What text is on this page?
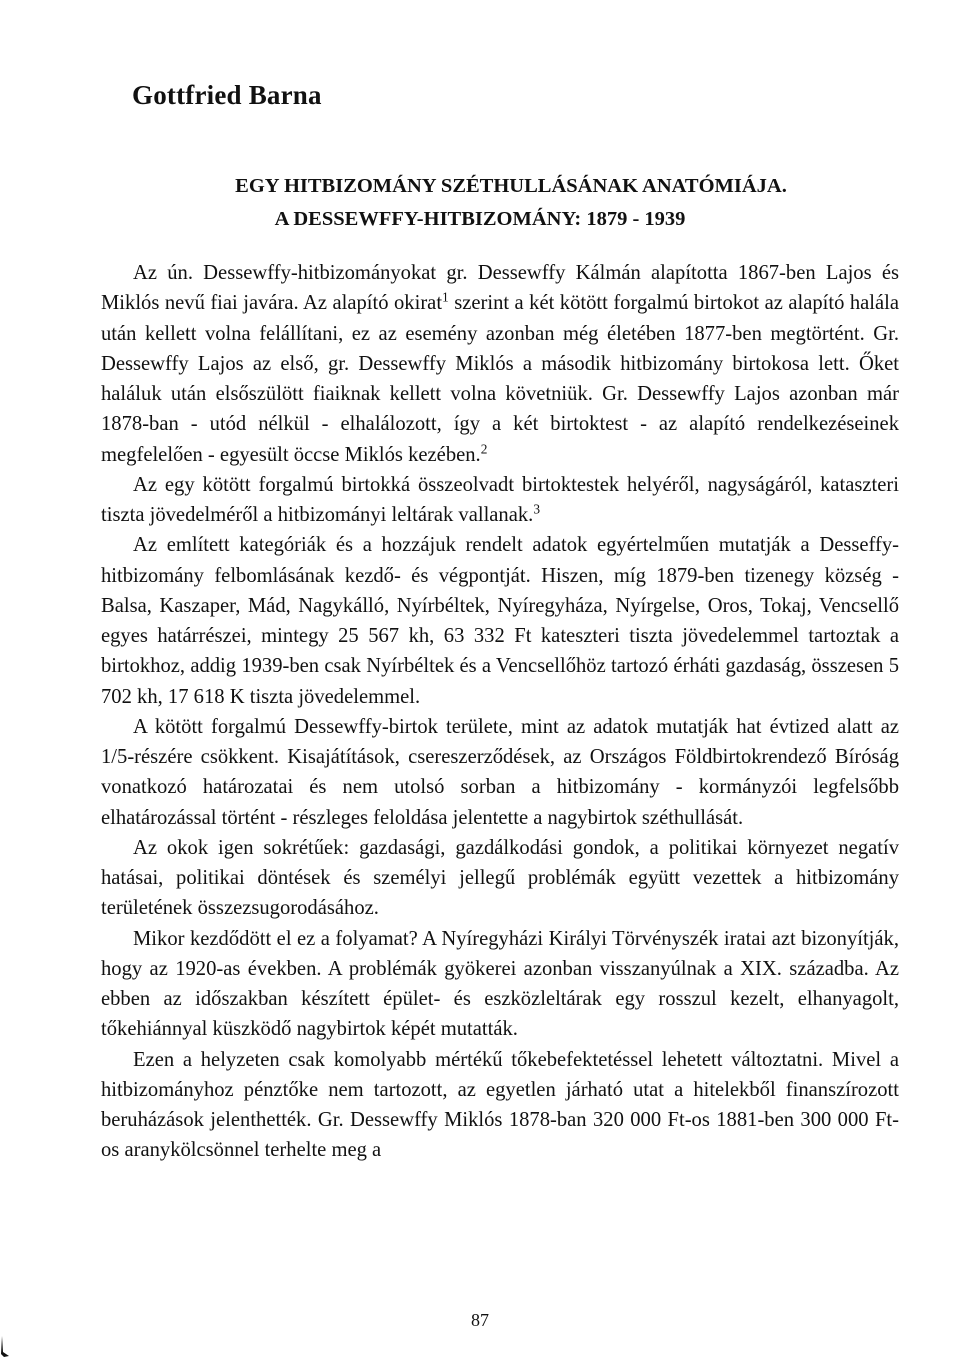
Gottfried Barna
EGY HITBIZOMÁNY SZÉTHULLÁSÁNAK ANATÓMIÁJA.
A DESSEWFFY-HITBIZOMÁNY: 1879 - 1939

Az ún. Dessewffy-hitbizományokat gr. Dessewffy Kálmán alapította 1867-ben Lajos és Miklós nevű fiai javára. Az alapító okirat$^1$ szerint a két kötött forgalmú birtokot az alapító halála után kellett volna felállítani, ez az esemény azonban még életében 1877-ben megtörtént. Gr. Dessewffy Lajos az első, gr. Dessewffy Miklós a második hitbizomány birtokosa lett. Őket haláluk után elsőszülött fiaiknak kellett volna követniük. Gr. Dessewffy Lajos azonban már 1878-ban - utód nélkül - elhalálozott, így a két birtoktest - az alapító rendelkezéseinek megfelelően - egyesült öccse Miklós kezében.$^2$

Az egy kötött forgalmú birtokká összeolvadt birtoktestek helyéről, nagyságáról, kataszteri tiszta jövedelméről a hitbizományi leltárak vallanak.$^3$

Az említett kategóriák és a hozzájuk rendelt adatok egyértelműen mutatják a Desseffy-hitbizomány felbomlásának kezdő- és végpontját. Hiszen, míg 1879-ben tizenegy község - Balsa, Kaszaper, Mád, Nagykálló, Nyírbéltek, Nyíregyháza, Nyírgelse, Oros, Tokaj, Vencsellő egyes határrészei, mintegy 25 567 kh, 63 332 Ft kateszteri tiszta jövedelemmel tartoztak a birtokhoz, addig 1939-ben csak Nyírbéltek és a Vencsellőhöz tartozó érháti gazdaság, összesen 5 702 kh, 17 618 K tiszta jövedelemmel.

A kötött forgalmú Dessewffy-birtok területe, mint az adatok mutatják hat évtized alatt az 1/5-részére csökkent. Kisajátítások, csereszerződések, az Országos Földbirtokrendező Bíróság vonatkozó határozatai és nem utolsó sorban a hitbizomány - kormányzói legfelsőbb elhatározással történt - részleges feloldása jelentette a nagybirtok széthullását.

Az okok igen sokrétűek: gazdasági, gazdálkodási gondok, a politikai környezet negatív hatásai, politikai döntések és személyi jellegű problémák együtt vezettek a hitbizomány területének összezsugorodásához.

Mikor kezdődött el ez a folyamat? A Nyíregyházi Királyi Törvényszék iratai azt bizonyítják, hogy az 1920-as években. A problémák gyökerei azonban visszanyúlnak a XIX. századba. Az ebben az időszakban készített épület- és eszközleltárak egy rosszul kezelt, elhanyagolt, tőkehiánnyal küszködő nagybirtok képét mutatták.

Ezen a helyzeten csak komolyabb mértékű tőkebefektetéssel lehetett változtatni. Mivel a hitbizományhoz pénztőke nem tartozott, az egyetlen járható utat a hitelekből finanszírozott beruházások jelenthették. Gr. Dessewffy Miklós 1878-ban 320 000 Ft-os 1881-ben 300 000 Ft-os aranykölcsönnel terhelte meg a

87
